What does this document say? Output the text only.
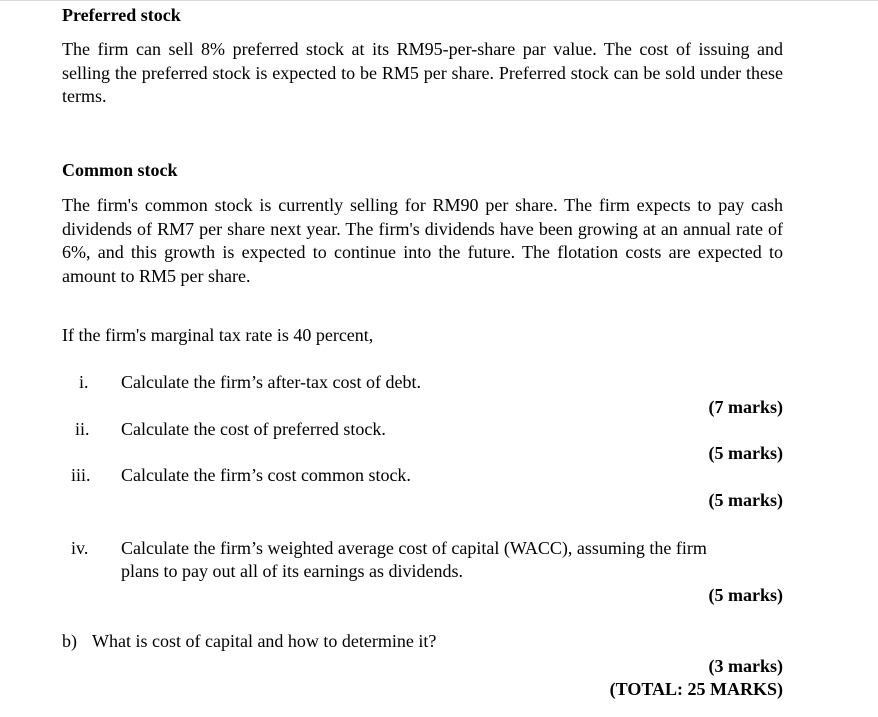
Preferred stock
The firm can sell 8% preferred stock at its RM95-per-share par value. The cost of issuing and selling the preferred stock is expected to be RM5 per share. Preferred stock can be sold under these terms.
Common stock
The firm's common stock is currently selling for RM90 per share. The firm expects to pay cash dividends of RM7 per share next year. The firm's dividends have been growing at an annual rate of 6%, and this growth is expected to continue into the future. The flotation costs are expected to amount to RM5 per share.
If the firm's marginal tax rate is 40 percent,
i. Calculate the firm’s after-tax cost of debt.
(7 marks)
ii. Calculate the cost of preferred stock.
(5 marks)
iii. Calculate the firm’s cost common stock.
(5 marks)
iv. Calculate the firm’s weighted average cost of capital (WACC), assuming the firm
plans to pay out all of its earnings as dividends.
(5 marks)
b) What is cost of capital and how to determine it?
(3 marks)
(TOTAL: 25 MARKS)
